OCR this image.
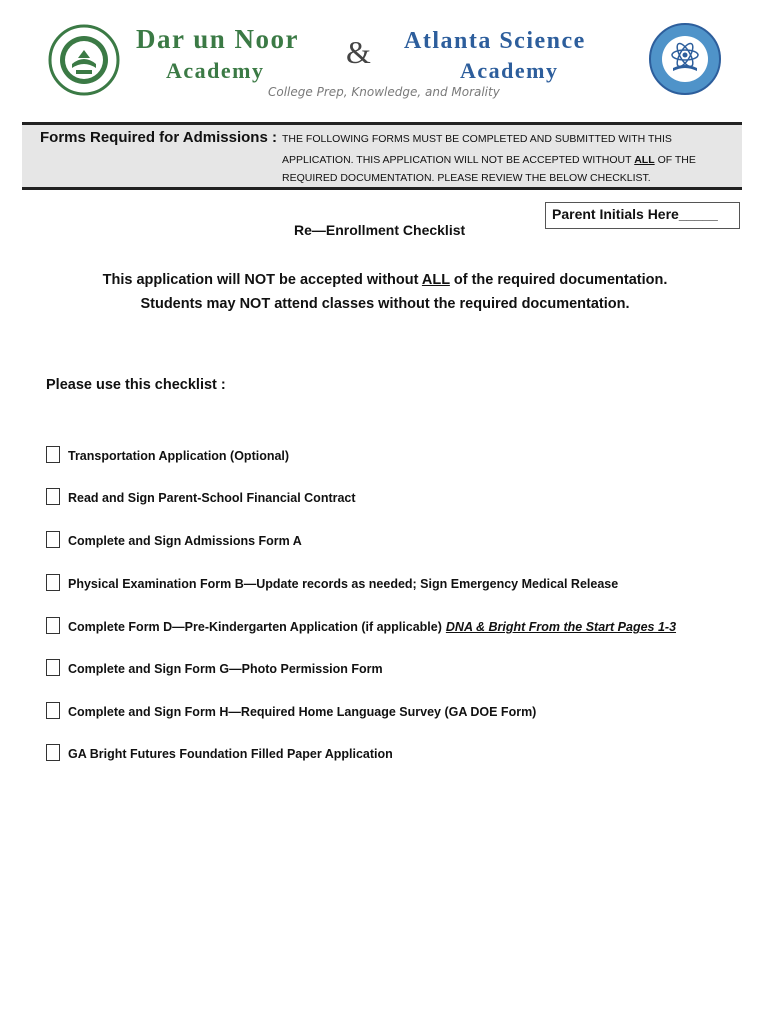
Dar un Noor
Academy
& Atlanta Science
Academy
College Prep, Knowledge, and Morality
Forms Required for Admissions : THE FOLLOWING FORMS MUST BE COMPLETED AND SUBMITTED WITH THIS
APPLICATION. THIS APPLICATION WILL NOT BE ACCEPTED WITHOUT ALL OF THE
REQUIRED DOCUMENTATION. PLEASE REVIEW THE BELOW CHECKLIST.
Re—Enrollment Checklist
Parent Initials Here_____
This application will NOT be accepted without ALL of the required documentation.
Students may NOT attend classes without the required documentation.
Please use this checklist :
Transportation Application (Optional)
Read and Sign Parent-School Financial Contract
Complete and Sign Admissions Form A
Physical Examination Form B—Update records as needed; Sign Emergency Medical Release
Complete Form D—Pre-Kindergarten Application (if applicable) DNA & Bright From the Start Pages 1-3
Complete and Sign Form G—Photo Permission Form
Complete and Sign Form H—Required Home Language Survey (GA DOE Form)
GA Bright Futures Foundation Filled Paper Application
